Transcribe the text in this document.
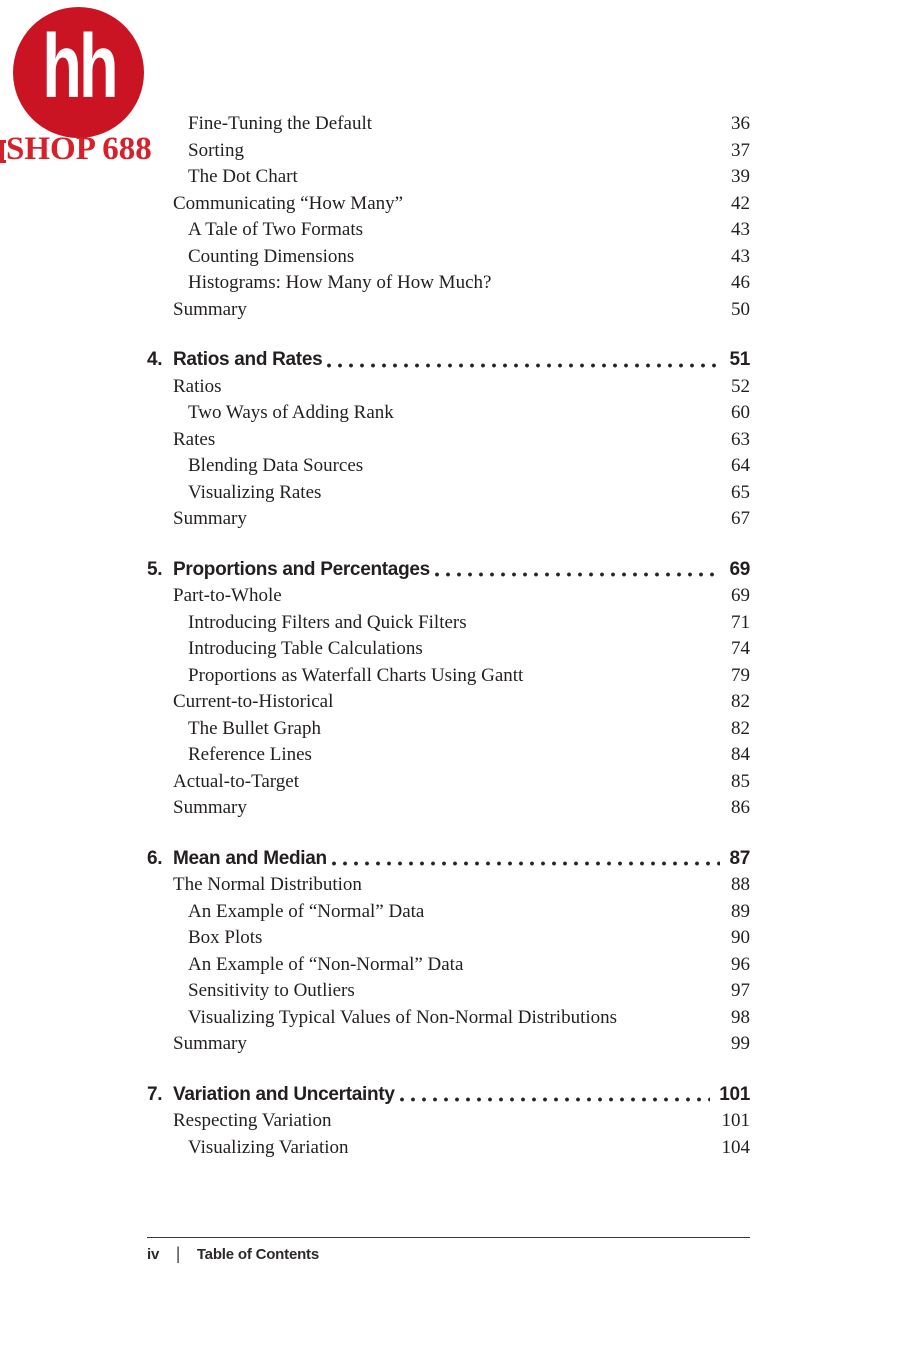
hh
SHOP 688
Fine-Tuning the Default	36
Sorting	37
The Dot Chart	39
Communicating “How Many”	42
A Tale of Two Formats	43
Counting Dimensions	43
Histograms: How Many of How Much?	46
Summary	50
4. Ratios and Rates	51
Ratios	52
Two Ways of Adding Rank	60
Rates	63
Blending Data Sources	64
Visualizing Rates	65
Summary	67
5. Proportions and Percentages	69
Part-to-Whole	69
Introducing Filters and Quick Filters	71
Introducing Table Calculations	74
Proportions as Waterfall Charts Using Gantt	79
Current-to-Historical	82
The Bullet Graph	82
Reference Lines	84
Actual-to-Target	85
Summary	86
6. Mean and Median	87
The Normal Distribution	88
An Example of “Normal” Data	89
Box Plots	90
An Example of “Non-Normal” Data	96
Sensitivity to Outliers	97
Visualizing Typical Values of Non-Normal Distributions	98
Summary	99
7. Variation and Uncertainty	101
Respecting Variation	101
Visualizing Variation	104
iv | Table of Contents
